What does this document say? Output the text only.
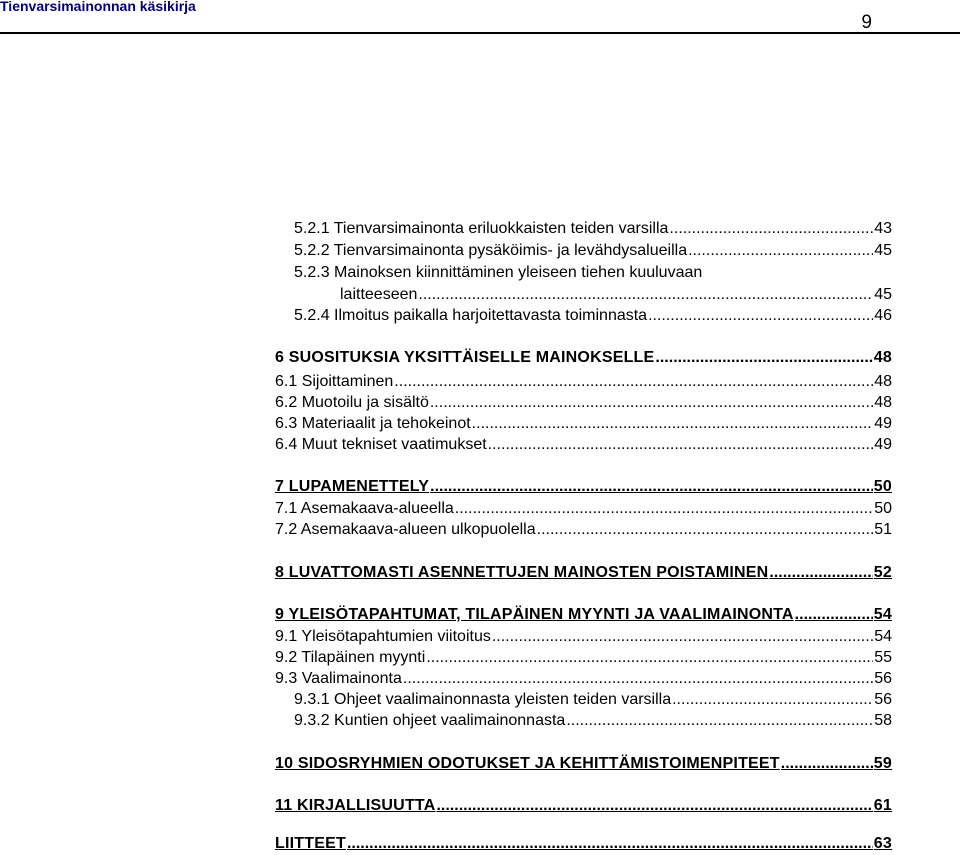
Tienvarsimainonnan käsikirja
9
5.2.1 Tienvarsimainonta eriluokkaisten teiden varsilla .....	43
5.2.2 Tienvarsimainonta pysäköimis- ja levähdysalueilla .....	45
5.2.3 Mainoksen kiinnittäminen yleiseen tiehen kuuluvaan
laitteeseen .....	45
5.2.4 Ilmoitus paikalla harjoitettavasta toiminnasta .....	46
6 SUOSITUKSIA YKSITTÄISELLE MAINOKSELLE .....	48
6.1 Sijoittaminen .....	48
6.2 Muotoilu ja sisältö .....	48
6.3 Materiaalit ja tehokeinot .....	49
6.4 Muut tekniset vaatimukset .....	49
7 LUPAMENETTELY .....	50
7.1 Asemakaava-alueella .....	50
7.2 Asemakaava-alueen ulkopuolella .....	51
8 LUVATTOMASTI ASENNETTUJEN MAINOSTEN POISTAMINEN .....	52
9 YLEISÖTAPAHTUMAT, TILAPÄINEN MYYNTI JA VAALIMAINONTA .....	54
9.1 Yleisötapahtumien viitoitus .....	54
9.2 Tilapäinen myynti .....	55
9.3 Vaalimainonta .....	56
9.3.1 Ohjeet vaalimainonnasta yleisten teiden varsilla .....	56
9.3.2 Kuntien ohjeet vaalimainonnasta .....	58
10 SIDOSRYHMIEN ODOTUKSET JA KEHITTÄMISTOIMENPITEET .....	59
11 KIRJALLISUUTTA .....	61
LIITTEET .....	63
